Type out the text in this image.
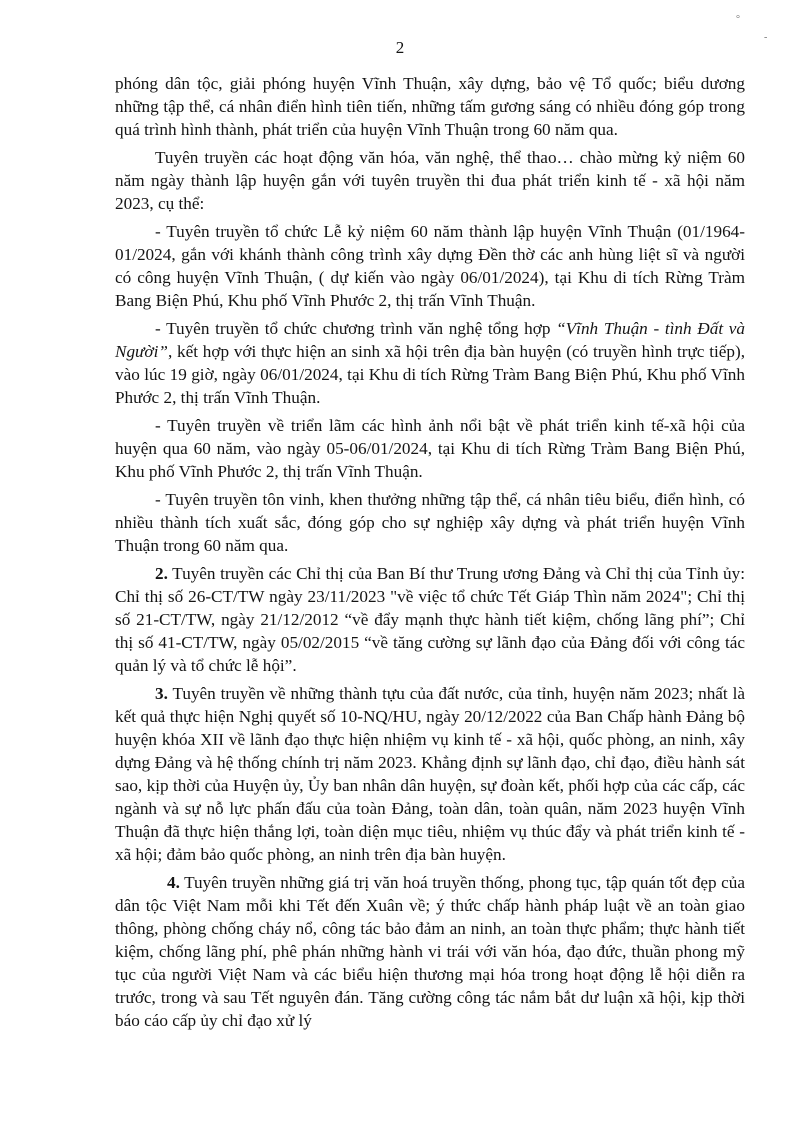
°
-
2

phóng dân tộc, giải phóng huyện Vĩnh Thuận, xây dựng, bảo vệ Tổ quốc; biểu dương những tập thể, cá nhân điển hình tiên tiến, những tấm gương sáng có nhiều đóng góp trong quá trình hình thành, phát triển của huyện Vĩnh Thuận trong 60 năm qua.

Tuyên truyền các hoạt động văn hóa, văn nghệ, thể thao… chào mừng kỷ niệm 60 năm ngày thành lập huyện gắn với tuyên truyền thi đua phát triển kinh tế - xã hội năm 2023, cụ thể:

- Tuyên truyền tổ chức Lễ kỷ niệm 60 năm thành lập huyện Vĩnh Thuận (01/1964-01/2024, gắn với khánh thành công trình xây dựng Đền thờ các anh hùng liệt sĩ và người có công huyện Vĩnh Thuận, ( dự kiến vào ngày 06/01/2024), tại Khu di tích Rừng Tràm Bang Biện Phú, Khu phố Vĩnh Phước 2, thị trấn Vĩnh Thuận.

- Tuyên truyền tổ chức chương trình văn nghệ tổng hợp “Vĩnh Thuận - tình Đất và Người”, kết hợp với thực hiện an sinh xã hội trên địa bàn huyện (có truyền hình trực tiếp), vào lúc 19 giờ, ngày 06/01/2024, tại Khu di tích Rừng Tràm Bang Biện Phú, Khu phố Vĩnh Phước 2, thị trấn Vĩnh Thuận.

- Tuyên truyền về triển lãm các hình ảnh nổi bật về phát triển kinh tế-xã hội của huyện qua 60 năm, vào ngày 05-06/01/2024, tại Khu di tích Rừng Tràm Bang Biện Phú, Khu phố Vĩnh Phước 2, thị trấn Vĩnh Thuận.

- Tuyên truyền tôn vinh, khen thưởng những tập thể, cá nhân tiêu biểu, điển hình, có nhiều thành tích xuất sắc, đóng góp cho sự nghiệp xây dựng và phát triển huyện Vĩnh Thuận trong 60 năm qua.

2. Tuyên truyền các Chỉ thị của Ban Bí thư Trung ương Đảng và Chỉ thị của Tỉnh ủy: Chỉ thị số 26-CT/TW ngày 23/11/2023 "về việc tổ chức Tết Giáp Thìn năm 2024"; Chỉ thị số 21-CT/TW, ngày 21/12/2012 “về đẩy mạnh thực hành tiết kiệm, chống lãng phí”; Chỉ thị số 41-CT/TW, ngày 05/02/2015 “về tăng cường sự lãnh đạo của Đảng đối với công tác quản lý và tổ chức lễ hội”.

3. Tuyên truyền về những thành tựu của đất nước, của tỉnh, huyện năm 2023; nhất là kết quả thực hiện Nghị quyết số 10-NQ/HU, ngày 20/12/2022 của Ban Chấp hành Đảng bộ huyện khóa XII về lãnh đạo thực hiện nhiệm vụ kinh tế - xã hội, quốc phòng, an ninh, xây dựng Đảng và hệ thống chính trị năm 2023. Khẳng định sự lãnh đạo, chỉ đạo, điều hành sát sao, kịp thời của Huyện ủy, Ủy ban nhân dân huyện, sự đoàn kết, phối hợp của các cấp, các ngành và sự nỗ lực phấn đấu của toàn Đảng, toàn dân, toàn quân, năm 2023 huyện Vĩnh Thuận đã thực hiện thắng lợi, toàn diện mục tiêu, nhiệm vụ thúc đẩy và phát triển kinh tế - xã hội; đảm bảo quốc phòng, an ninh trên địa bàn huyện.

4. Tuyên truyền những giá trị văn hoá truyền thống, phong tục, tập quán tốt đẹp của dân tộc Việt Nam mỗi khi Tết đến Xuân về; ý thức chấp hành pháp luật về an toàn giao thông, phòng chống cháy nổ, công tác bảo đảm an ninh, an toàn thực phẩm; thực hành tiết kiệm, chống lãng phí, phê phán những hành vi trái với văn hóa, đạo đức, thuần phong mỹ tục của người Việt Nam và các biểu hiện thương mại hóa trong hoạt động lễ hội diễn ra trước, trong và sau Tết nguyên đán. Tăng cường công tác nắm bắt dư luận xã hội, kịp thời báo cáo cấp ủy chỉ đạo xử lý
